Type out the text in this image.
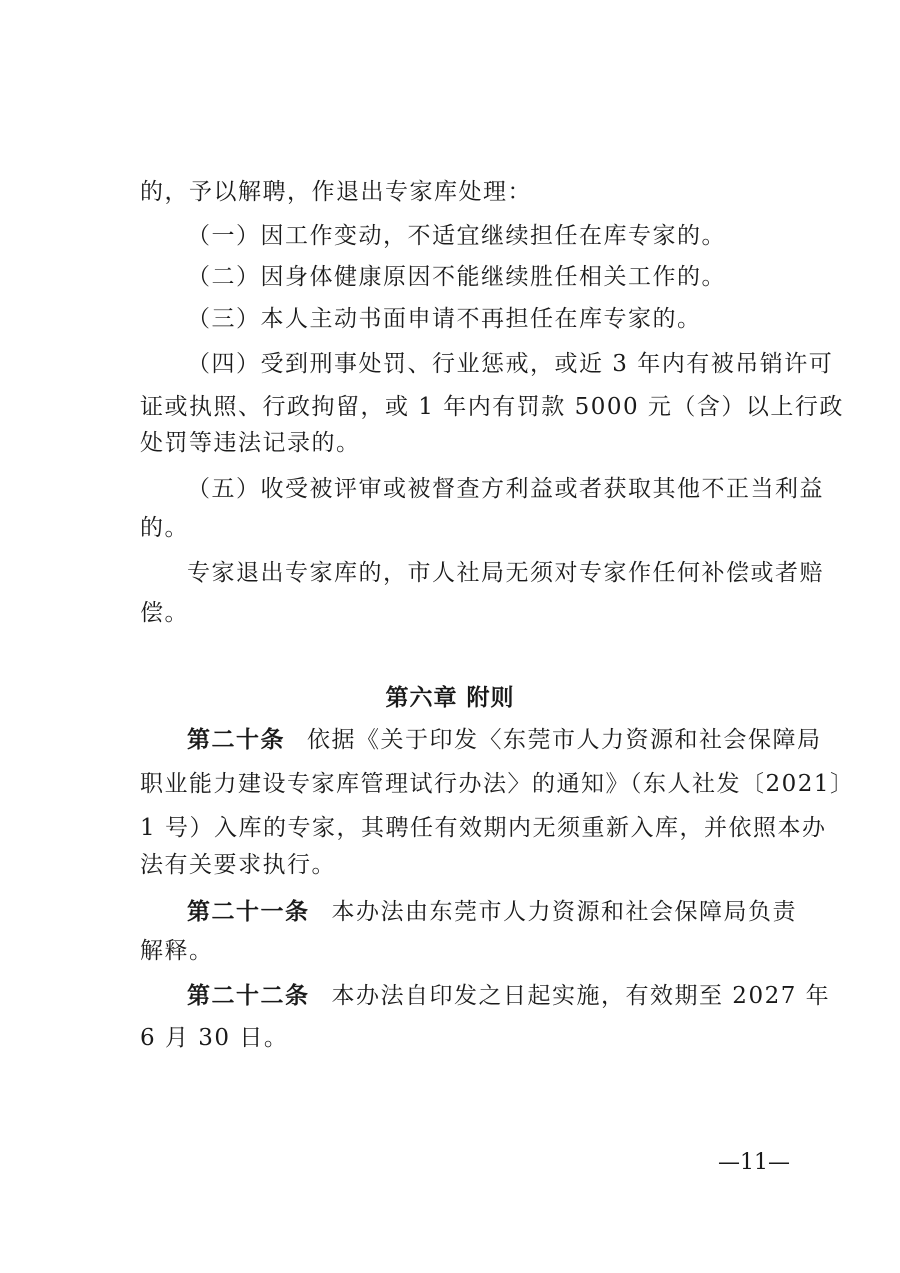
的，予以解聘，作退出专家库处理：

（一）因工作变动，不适宜继续担任在库专家的。

（二）因身体健康原因不能继续胜任相关工作的。

（三）本人主动书面申请不再担任在库专家的。

（四）受到刑事处罚、行业惩戒，或近 3 年内有被吊销许可

证或执照、行政拘留，或 1 年内有罚款 5000 元（含）以上行政

处罚等违法记录的。

（五）收受被评审或被督查方利益或者获取其他不正当利益

的。

专家退出专家库的，市人社局无须对专家作任何补偿或者赔

偿。

第六章 附则

第二十条 依据《关于印发〈东莞市人力资源和社会保障局

职业能力建设专家库管理试行办法〉的通知》（东人社发〔2021〕

1 号）入库的专家，其聘任有效期内无须重新入库，并依照本办

法有关要求执行。

第二十一条 本办法由东莞市人力资源和社会保障局负责

解释。

第二十二条 本办法自印发之日起实施，有效期至 2027 年

6 月 30 日。

—11—
